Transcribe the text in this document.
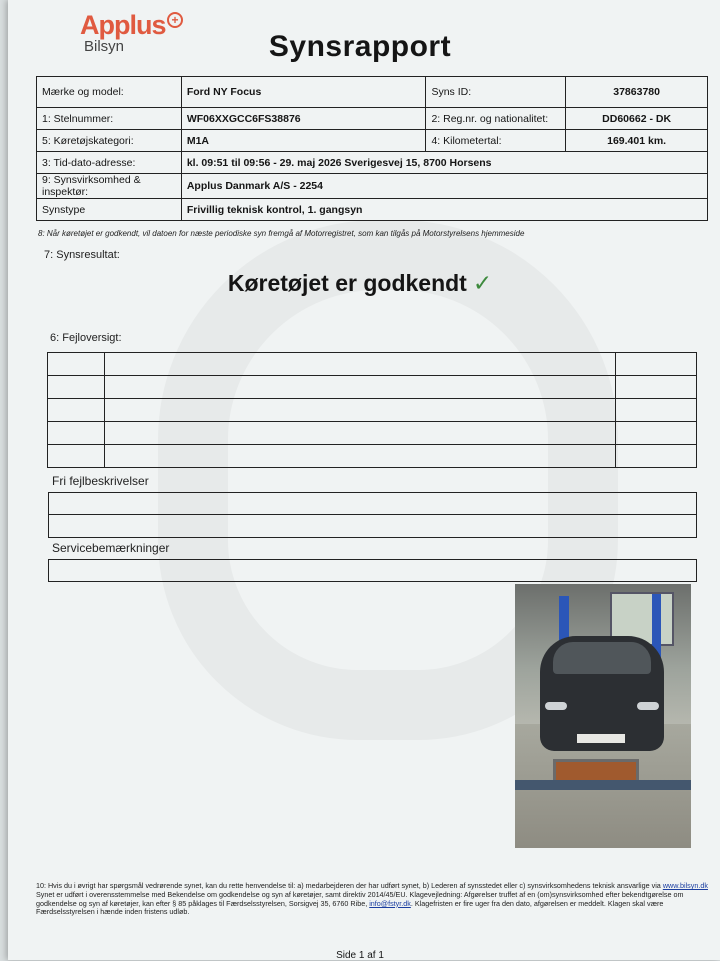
Applus +
Bilsyn	Synsrapport
Mærke og model:	Ford NY Focus	Syns ID:	37863780
1: Stelnummer:	WF06XXGCC6FS38876	2: Reg.nr. og nationalitet:	DD60662 - DK
5: Køretøjskategori:	M1A	4: Kilometertal:	169.401 km.
3: Tid-dato-adresse:	kl. 09:51 til 09:56 - 29. maj 2026 Sverigesvej 15, 8700 Horsens		
9: Synsvirksomhed & inspektør:	Applus Danmark A/S - 2254		
Synstype	Frivillig teknisk kontrol, 1. gangsyn		
8: Når køretøjet er godkendt, vil datoen for næste periodiske syn fremgå af Motorregistret, som kan tilgås på Motorstyrelsens hjemmeside
7: Synsresultat:
Køretøjet er godkendt ✓
6: Fejloversigt:

Fri fejlbeskrivelser
Servicebemærkninger
10: Hvis du i øvrigt har spørgsmål vedrørende synet, kan du rette henvendelse til: a) medarbejderen der har udført synet, b) Lederen af synsstedet eller c) synsvirksomhedens teknisk ansvarlige via www.bilsyn.dk
Synet er udført i overensstemmelse med Bekendelse om godkendelse og syn af køretøjer, samt direktiv 2014/45/EU. Klagevejledning: Afgørelser truffet af en (om)synsvirksomhed efter bekendtgørelse om godkendelse og syn af køretøjer, kan efter § 85 påklages til Færdselsstyrelsen, Sorsigvej 35, 6760 Ribe, info@fstyr.dk. Klagefristen er fire uger fra den dato, afgørelsen er meddelt. Klagen skal være Færdselsstyrelsen i hænde inden fristens udløb.
Side 1 af 1
